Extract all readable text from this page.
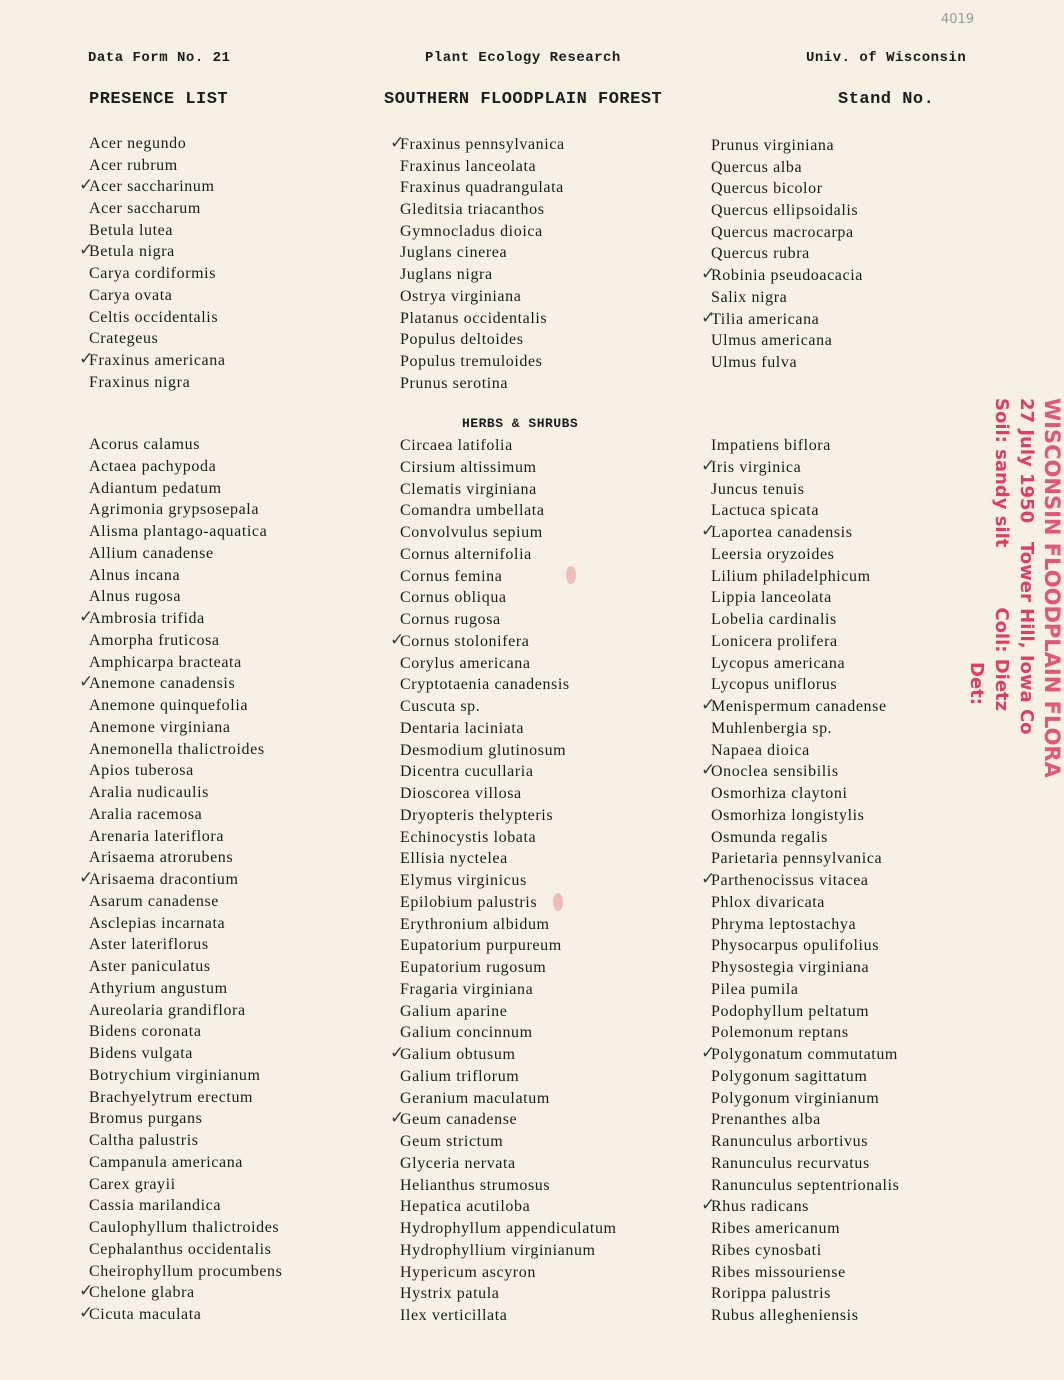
4019
Data Form No. 21	Plant Ecology Research	Univ. of Wisconsin
PRESENCE LIST	SOUTHERN FLOODPLAIN FOREST	Stand No.
Acer negundo
Acer rubrum
✓ Acer saccharinum
Acer saccharum
Betula lutea
✓ Betula nigra
Carya cordiformis
Carya ovata
Celtis occidentalis
Crategeus
✓ Fraxinus americana
Fraxinus nigra
✓ Fraxinus pennsylvanica
Fraxinus lanceolata
Fraxinus quadrangulata
Gleditsia triacanthos
Gymnocladus dioica
Juglans cinerea
Juglans nigra
Ostrya virginiana
Platanus occidentalis
Populus deltoides
Populus tremuloides
Prunus serotina
Prunus virginiana
Quercus alba
Quercus bicolor
Quercus ellipsoidalis
Quercus macrocarpa
Quercus rubra
✓ Robinia pseudoacacia
Salix nigra
✓ Tilia americana
Ulmus americana
Ulmus fulva
HERBS & SHRUBS
Acorus calamus
Actaea pachypoda
Adiantum pedatum
Agrimonia grypsosepala
Alisma plantago-aquatica
Allium canadense
Alnus incana
Alnus rugosa
✓ Ambrosia trifida
Amorpha fruticosa
Amphicarpa bracteata
✓ Anemone canadensis
Anemone quinquefolia
Anemone virginiana
Anemonella thalictroides
Apios tuberosa
Aralia nudicaulis
Aralia racemosa
Arenaria lateriflora
Arisaema atrorubens
✓ Arisaema dracontium
Asarum canadense
Asclepias incarnata
Aster lateriflorus
Aster paniculatus
Athyrium angustum
Aureolaria grandiflora
Bidens coronata
Bidens vulgata
Botrychium virginianum
Brachyelytrum erectum
Bromus purgans
Caltha palustris
Campanula americana
Carex grayii
Cassia marilandica
Caulophyllum thalictroides
Cephalanthus occidentalis
Cheirophyllum procumbens
✓ Chelone glabra
✓ Cicuta maculata
Circaea latifolia
Cirsium altissimum
Clematis virginiana
Comandra umbellata
Convolvulus sepium
Cornus alternifolia
Cornus femina
Cornus obliqua
Cornus rugosa
✓ Cornus stolonifera
Corylus americana
Cryptotaenia canadensis
Cuscuta sp.
Dentaria laciniata
Desmodium glutinosum
Dicentra cucullaria
Dioscorea villosa
Dryopteris thelypteris
Echinocystis lobata
Ellisia nyctelea
Elymus virginicus
Epilobium palustris
Erythronium albidum
Eupatorium purpureum
Eupatorium rugosum
Fragaria virginiana
Galium aparine
Galium concinnum
✓ Galium obtusum
Galium triflorum
Geranium maculatum
✓ Geum canadense
Geum strictum
Glyceria nervata
Helianthus strumosus
Hepatica acutiloba
Hydrophyllum appendiculatum
Hydrophyllium virginianum
Hypericum ascyron
Hystrix patula
Ilex verticillata
Impatiens biflora
✓ Iris virginica
Juncus tenuis
Lactuca spicata
✓ Laportea canadensis
Leersia oryzoides
Lilium philadelphicum
Lippia lanceolata
Lobelia cardinalis
Lonicera prolifera
Lycopus americana
Lycopus uniflorus
✓ Menispermum canadense
Muhlenbergia sp.
Napaea dioica
✓ Onoclea sensibilis
Osmorhiza claytoni
Osmorhiza longistylis
Osmunda regalis
Parietaria pennsylvanica
✓ Parthenocissus vitacea
Phlox divaricata
Phryma leptostachya
Physocarpus opulifolius
Physostegia virginiana
Pilea pumila
Podophyllum peltatum
Polemonum reptans
✓ Polygonatum commutatum
Polygonum sagittatum
Polygonum virginianum
Prenanthes alba
Ranunculus arbortivus
Ranunculus recurvatus
Ranunculus septentrionalis
✓ Rhus radicans
Ribes americanum
Ribes cynosbati
Ribes missouriense
Rorippa palustris
Rubus allegheniensis
WISCONSIN FLOODPLAIN FLORA
27 July 1950   Tower Hill, Iowa Co
Soil: sandy siltColl: Dietz
Det:
